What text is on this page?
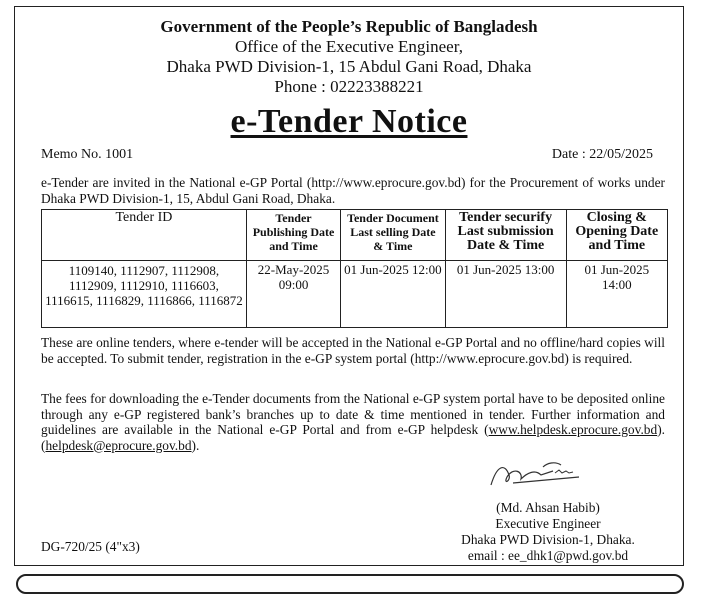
Government of the People’s Republic of Bangladesh
Office of the Executive Engineer,
Dhaka PWD Division-1, 15 Abdul Gani Road, Dhaka
Phone : 02223388221
e-Tender Notice
Memo No. 1001	Date : 22/05/2025
e-Tender are invited in the National e-GP Portal (http://www.eprocure.gov.bd) for the Procurement of works under Dhaka PWD Division-1, 15, Abdul Gani Road, Dhaka.
Tender ID	Tender Publishing Date and Time	Tender Document Last selling Date & Time	Tender securify Last submission Date & Time	Closing & Opening Date and Time
1109140, 1112907, 1112908, 1112909, 1112910, 1116603, 1116615, 1116829, 1116866, 1116872	22-May-2025 09:00	01 Jun-2025 12:00	01 Jun-2025 13:00	01 Jun-2025 14:00
These are online tenders, where e-tender will be accepted in the National e-GP Portal and no offline/hard copies will be accepted. To submit tender, registration in the e-GP system portal (http://www.eprocure.gov.bd) is required.
The fees for downloading the e-Tender documents from the National e-GP system portal have to be deposited online through any e-GP registered bank’s branches up to date & time mentioned in tender. Further information and guidelines are available in the National e-GP Portal and from e-GP helpdesk (www.helpdesk.eprocure.gov.bd). (helpdesk@eprocure.gov.bd).
(Md. Ahsan Habib)
Executive Engineer
Dhaka PWD Division-1, Dhaka.
email : ee_dhk1@pwd.gov.bd
DG-720/25 (4"x3)
